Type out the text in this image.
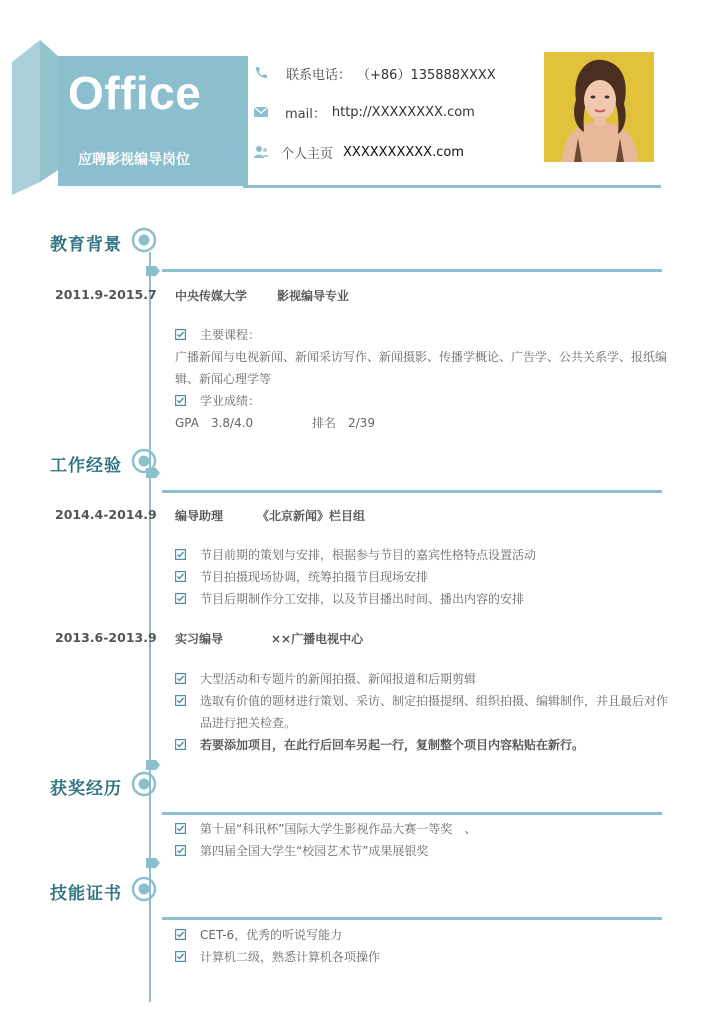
Office
应聘影视编导岗位
联系电话： （+86）135888XXXX
mail： http://XXXXXXXX.com
个人主页 XXXXXXXXXX.com
教育背景
2011.9-2015.7 中央传媒大学 影视编导专业
主要课程：
广播新闻与电视新闻、新闻采访写作、新闻摄影、传播学概论、广告学、公共关系学、报纸编辑、新闻心理学等
学业成绩：
GPA　3.8/4.0	排名　2/39
工作经验
2014.4-2014.9 编导助理	《北京新闻》栏目组
节目前期的策划与安排，根据参与节目的嘉宾性格特点设置活动
节目拍摄现场协调，统筹拍摄节目现场安排
节目后期制作分工安排，以及节目播出时间、播出内容的安排
2013.6-2013.9 实习编导	××广播电视中心
大型活动和专题片的新闻拍摄、新闻报道和后期剪辑
选取有价值的题材进行策划、采访、制定拍摄提纲、组织拍摄、编辑制作，并且最后对作品进行把关检查。
若要添加项目，在此行后回车另起一行，复制整个项目内容粘贴在新行。
获奖经历
第十届“科讯杯”国际大学生影视作品大赛一等奖　、
第四届全国大学生“校园艺术节”成果展银奖
技能证书
CET-6，优秀的听说写能力
计算机二级，熟悉计算机各项操作
